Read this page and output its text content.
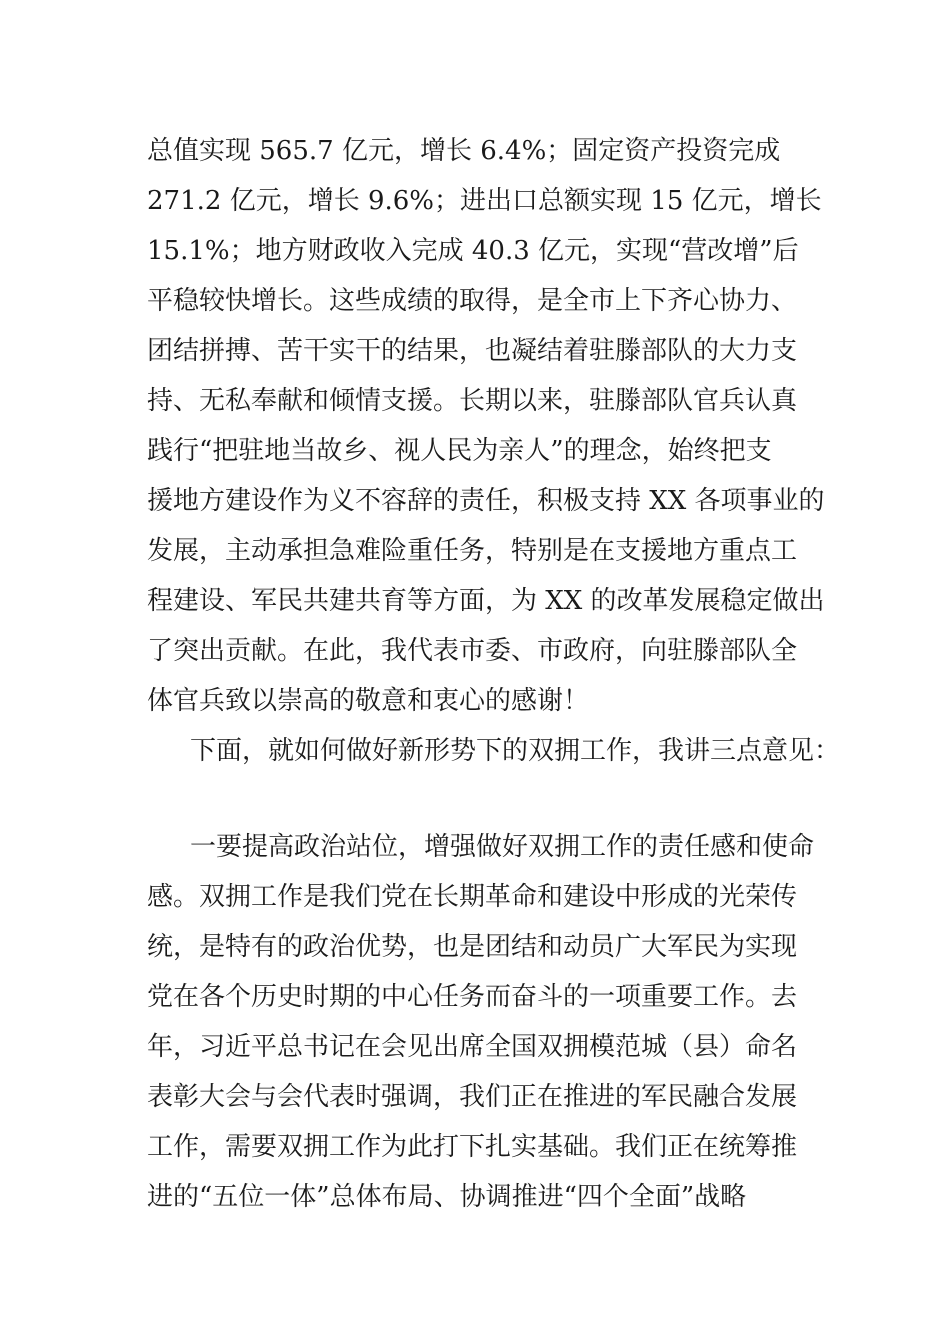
总值实现 565.7 亿元，增长 6.4%；固定资产投资完成
271.2 亿元，增长 9.6%；进出口总额实现 15 亿元，增长
15.1%；地方财政收入完成 40.3 亿元，实现“营改增”后
平稳较快增长。这些成绩的取得，是全市上下齐心协力、
团结拼搏、苦干实干的结果，也凝结着驻滕部队的大力支
持、无私奉献和倾情支援。长期以来，驻滕部队官兵认真
践行“把驻地当故乡、视人民为亲人”的理念，始终把支
援地方建设作为义不容辞的责任，积极支持 XX 各项事业的
发展，主动承担急难险重任务，特别是在支援地方重点工
程建设、军民共建共育等方面，为 XX 的改革发展稳定做出
了突出贡献。在此，我代表市委、市政府，向驻滕部队全
体官兵致以崇高的敬意和衷心的感谢！
下面，就如何做好新形势下的双拥工作，我讲三点意见：
一要提高政治站位，增强做好双拥工作的责任感和使命
感。双拥工作是我们党在长期革命和建设中形成的光荣传
统，是特有的政治优势，也是团结和动员广大军民为实现
党在各个历史时期的中心任务而奋斗的一项重要工作。去
年，习近平总书记在会见出席全国双拥模范城（县）命名
表彰大会与会代表时强调，我们正在推进的军民融合发展
工作，需要双拥工作为此打下扎实基础。我们正在统筹推
进的“五位一体”总体布局、协调推进“四个全面”战略
